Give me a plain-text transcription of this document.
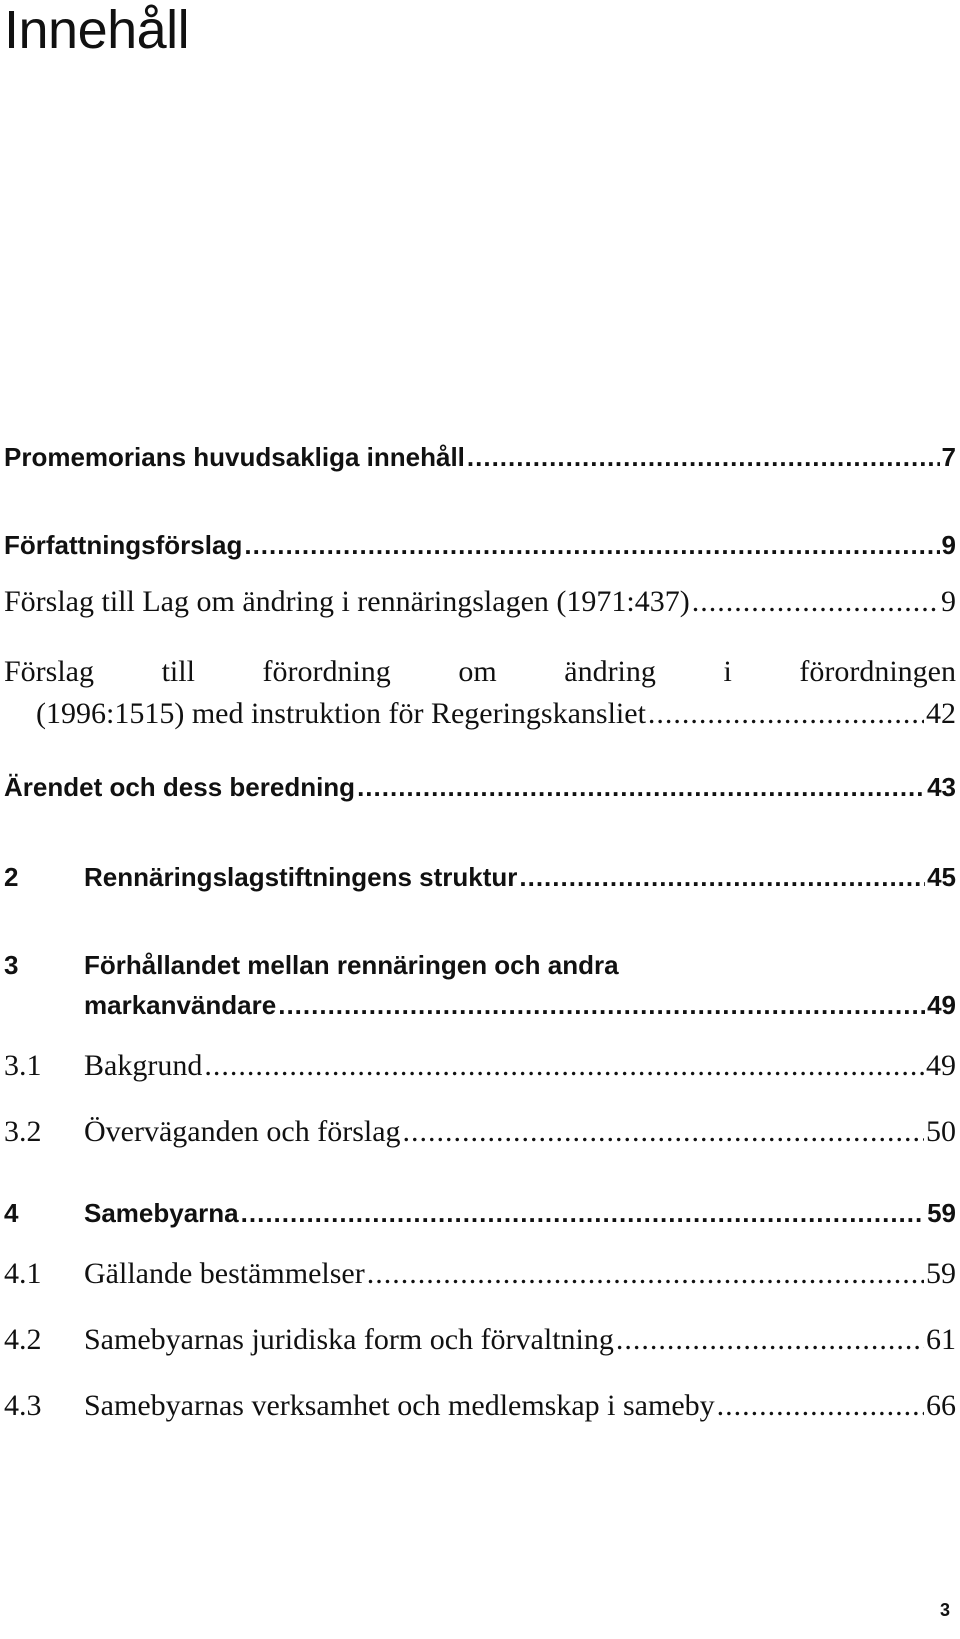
Innehåll
Promemorians huvudsakliga innehåll .....	7
Författningsförslag .....	9
Förslag till Lag om ändring i rennäringslagen (1971:437) .....	9
Förslag till förordning om ändring i förordningen
(1996:1515) med instruktion för Regeringskansliet .....	42
Ärendet och dess beredning .....	43
2	Rennäringslagstiftningens struktur .....	45
3	Förhållandet mellan rennäringen och andra
markanvändare .....	49
3.1	Bakgrund .....	49
3.2	Överväganden och förslag .....	50
4	Samebyarna .....	59
4.1	Gällande bestämmelser .....	59
4.2	Samebyarnas juridiska form och förvaltning .....	61
4.3	Samebyarnas verksamhet och medlemskap i sameby .....	66
3
